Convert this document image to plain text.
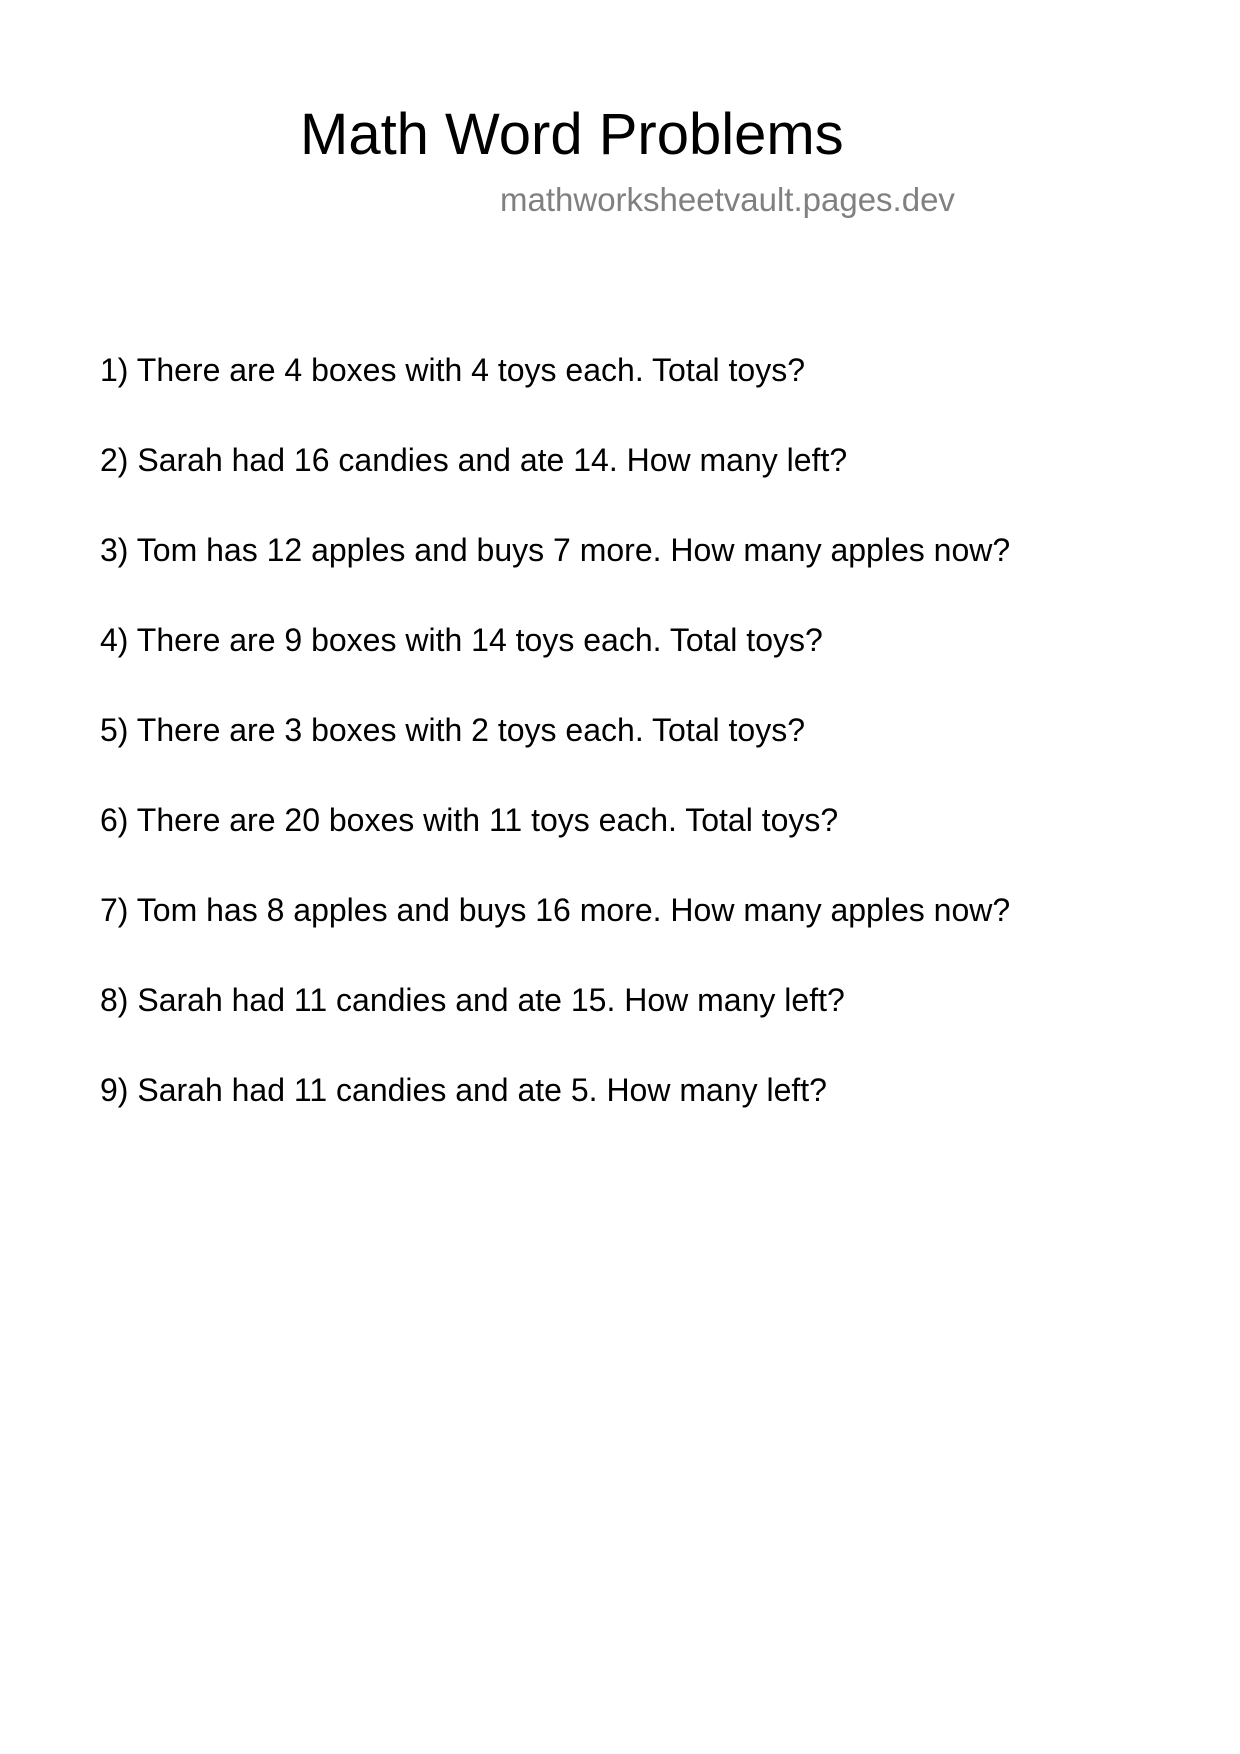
Math Word Problems
mathworksheetvault.pages.dev
1) There are 4 boxes with 4 toys each. Total toys?
2) Sarah had 16 candies and ate 14. How many left?
3) Tom has 12 apples and buys 7 more. How many apples now?
4) There are 9 boxes with 14 toys each. Total toys?
5) There are 3 boxes with 2 toys each. Total toys?
6) There are 20 boxes with 11 toys each. Total toys?
7) Tom has 8 apples and buys 16 more. How many apples now?
8) Sarah had 11 candies and ate 15. How many left?
9) Sarah had 11 candies and ate 5. How many left?
